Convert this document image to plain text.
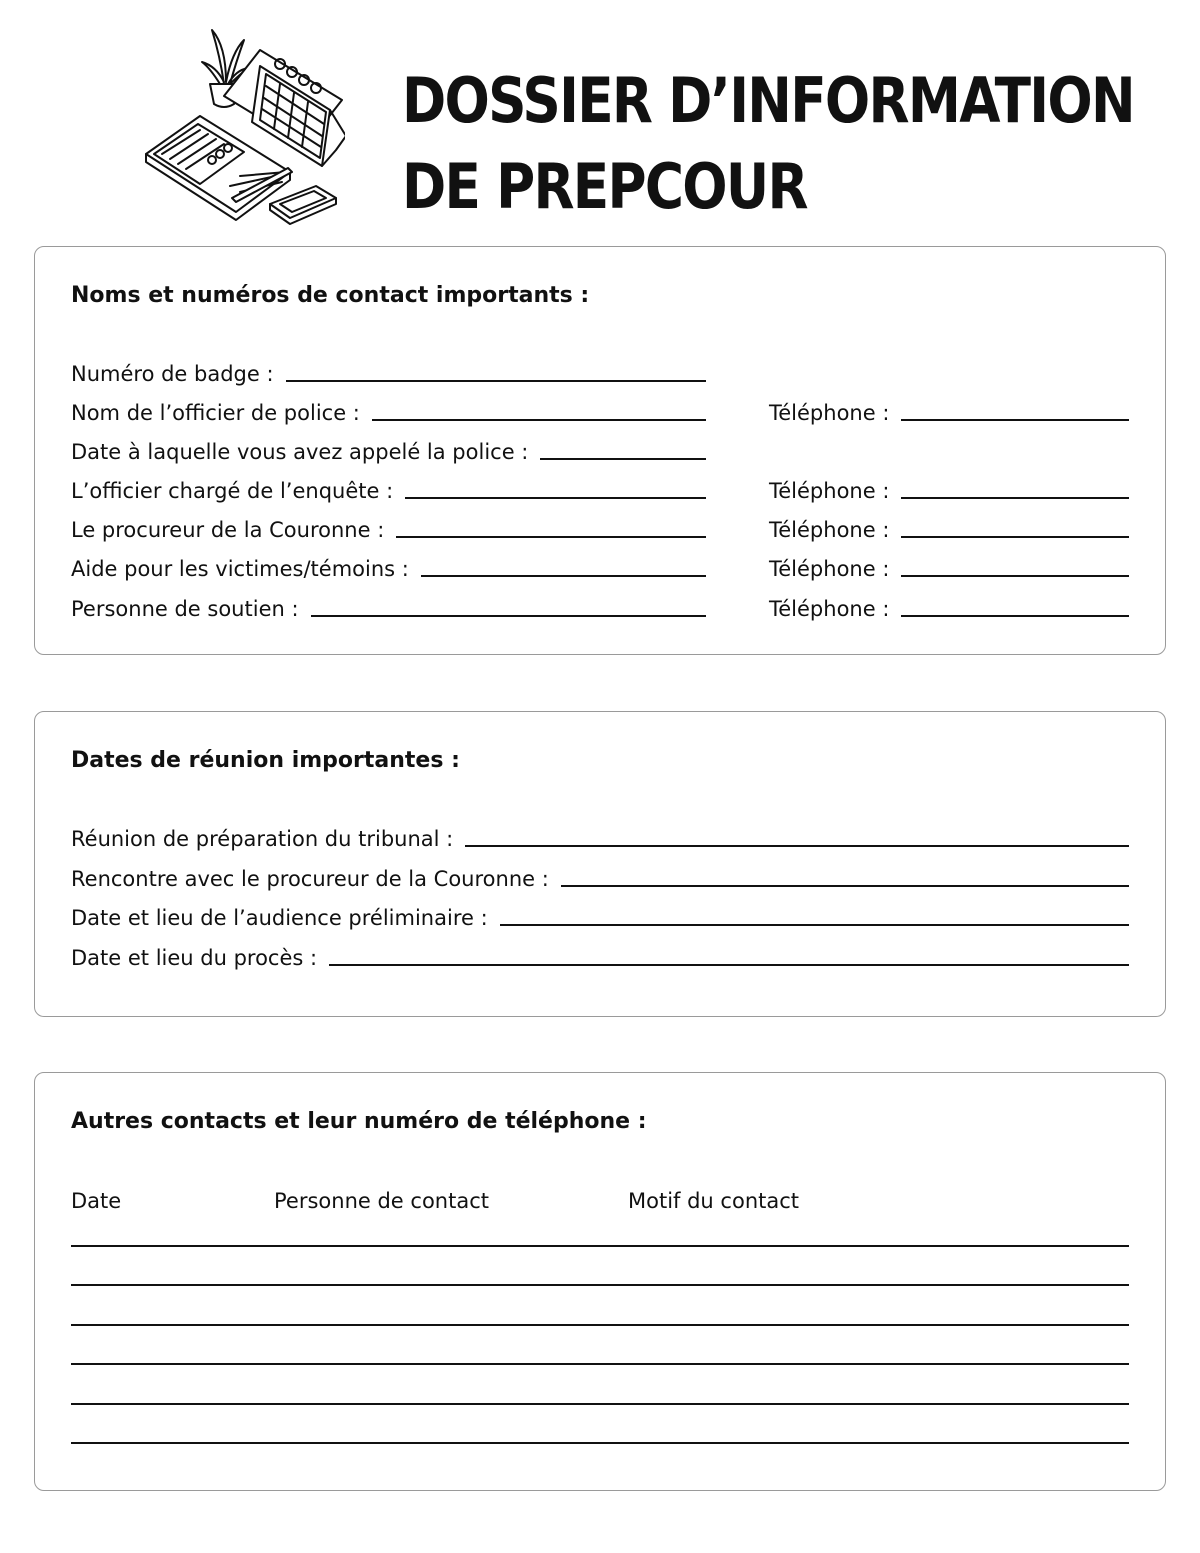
DOSSIER D’INFORMATION
DE PREPCOUR
Noms et numéros de contact importants :
Numéro de badge :
Nom de l’officier de police :	Téléphone :
Date à laquelle vous avez appelé la police :
L’officier chargé de l’enquête :	Téléphone :
Le procureur de la Couronne :	Téléphone :
Aide pour les victimes/témoins :	Téléphone :
Personne de soutien :	Téléphone :
Dates de réunion importantes :
Réunion de préparation du tribunal :
Rencontre avec le procureur de la Couronne :
Date et lieu de l’audience préliminaire :
Date et lieu du procès :
Autres contacts et leur numéro de téléphone :
Date	Personne de contact	Motif du contact
